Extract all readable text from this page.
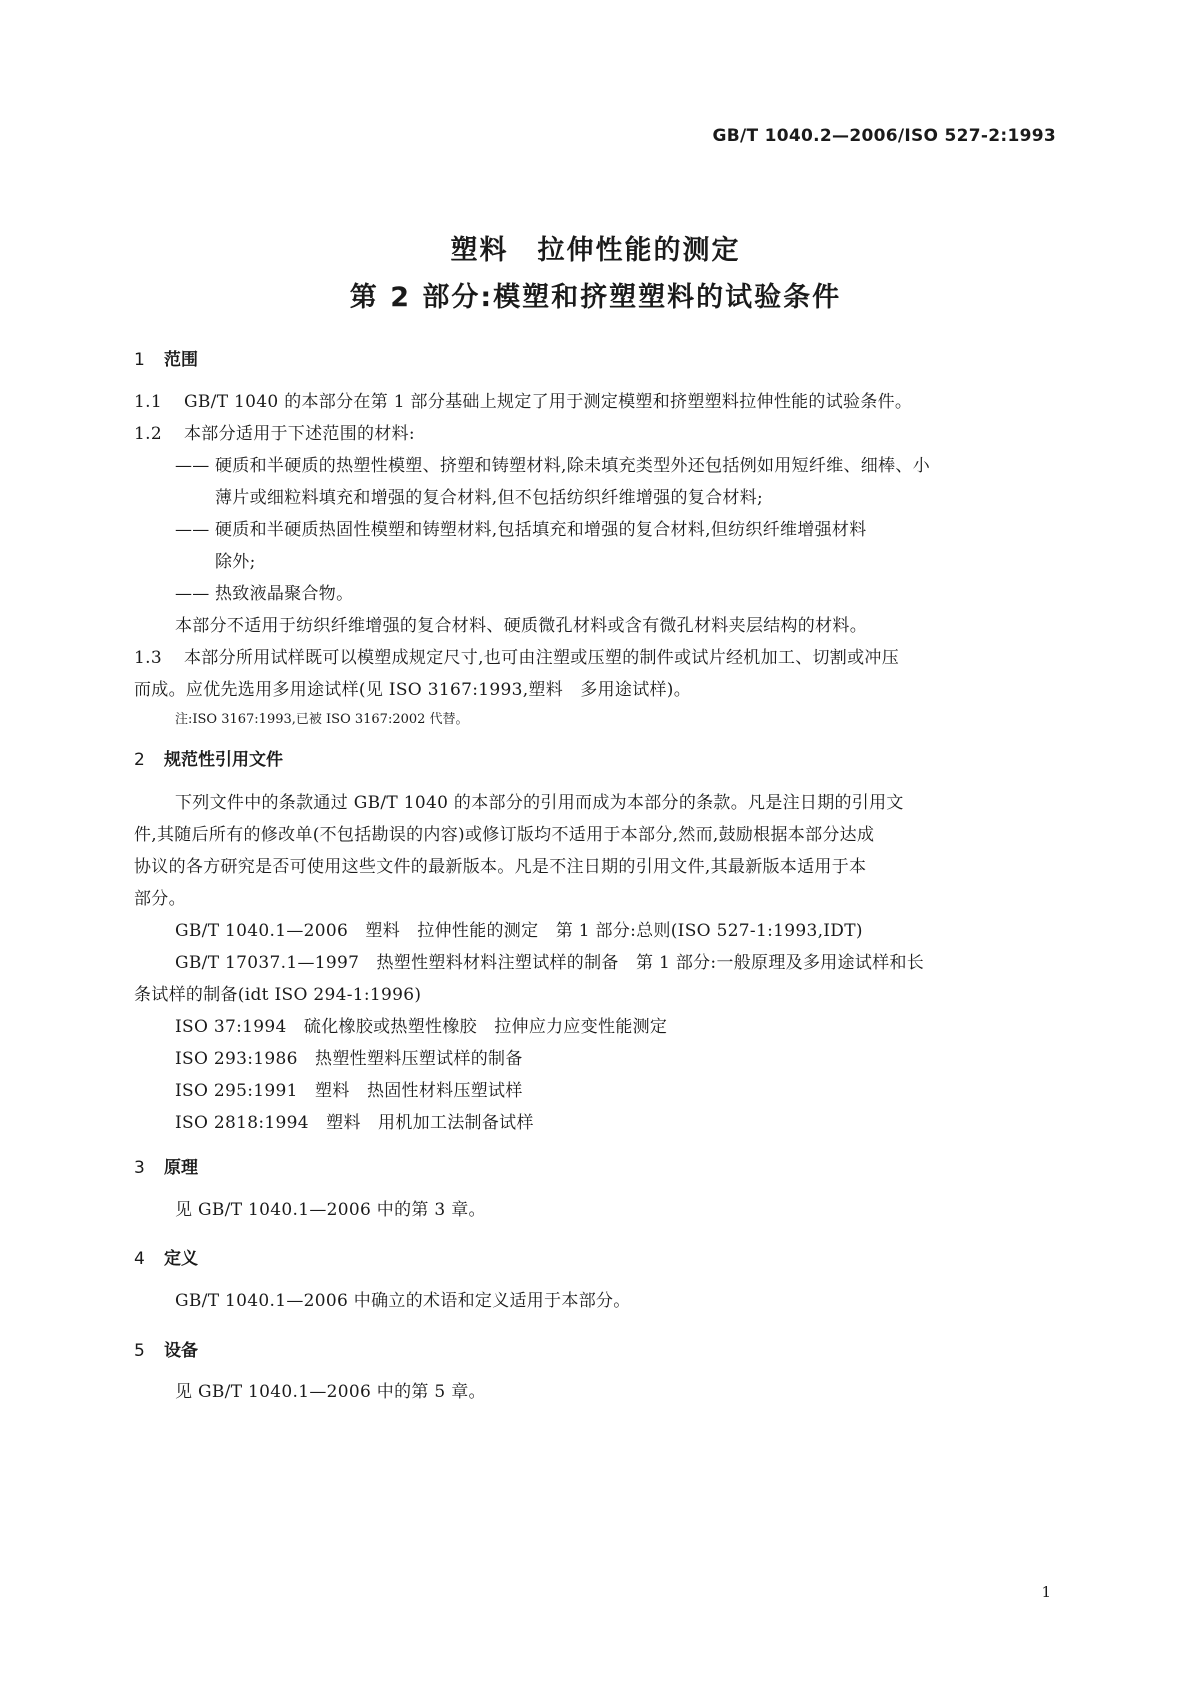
GB/T 1040.2—2006/ISO 527-2:1993
塑料　拉伸性能的测定
第 2 部分:模塑和挤塑塑料的试验条件
1 范围
1.1 GB/T 1040 的本部分在第 1 部分基础上规定了用于测定模塑和挤塑塑料拉伸性能的试验条件。
1.2 本部分适用于下述范围的材料:
—— 硬质和半硬质的热塑性模塑、挤塑和铸塑材料,除未填充类型外还包括例如用短纤维、细棒、小
薄片或细粒料填充和增强的复合材料,但不包括纺织纤维增强的复合材料;
—— 硬质和半硬质热固性模塑和铸塑材料,包括填充和增强的复合材料,但纺织纤维增强材料
除外;
—— 热致液晶聚合物。
本部分不适用于纺织纤维增强的复合材料、硬质微孔材料或含有微孔材料夹层结构的材料。
1.3 本部分所用试样既可以模塑成规定尺寸,也可由注塑或压塑的制件或试片经机加工、切割或冲压
而成。应优先选用多用途试样(见 ISO 3167:1993,塑料　多用途试样)。
注:ISO 3167:1993,已被 ISO 3167:2002 代替。
2 规范性引用文件
下列文件中的条款通过 GB/T 1040 的本部分的引用而成为本部分的条款。凡是注日期的引用文
件,其随后所有的修改单(不包括勘误的内容)或修订版均不适用于本部分,然而,鼓励根据本部分达成
协议的各方研究是否可使用这些文件的最新版本。凡是不注日期的引用文件,其最新版本适用于本
部分。
GB/T 1040.1—2006　塑料　拉伸性能的测定　第 1 部分:总则(ISO 527-1:1993,IDT)
GB/T 17037.1—1997　热塑性塑料材料注塑试样的制备　第 1 部分:一般原理及多用途试样和长
条试样的制备(idt ISO 294-1:1996)
ISO 37:1994　硫化橡胶或热塑性橡胶　拉伸应力应变性能测定
ISO 293:1986　热塑性塑料压塑试样的制备
ISO 295:1991　塑料　热固性材料压塑试样
ISO 2818:1994　塑料　用机加工法制备试样
3 原理
见 GB/T 1040.1—2006 中的第 3 章。
4 定义
GB/T 1040.1—2006 中确立的术语和定义适用于本部分。
5 设备
见 GB/T 1040.1—2006 中的第 5 章。
1
